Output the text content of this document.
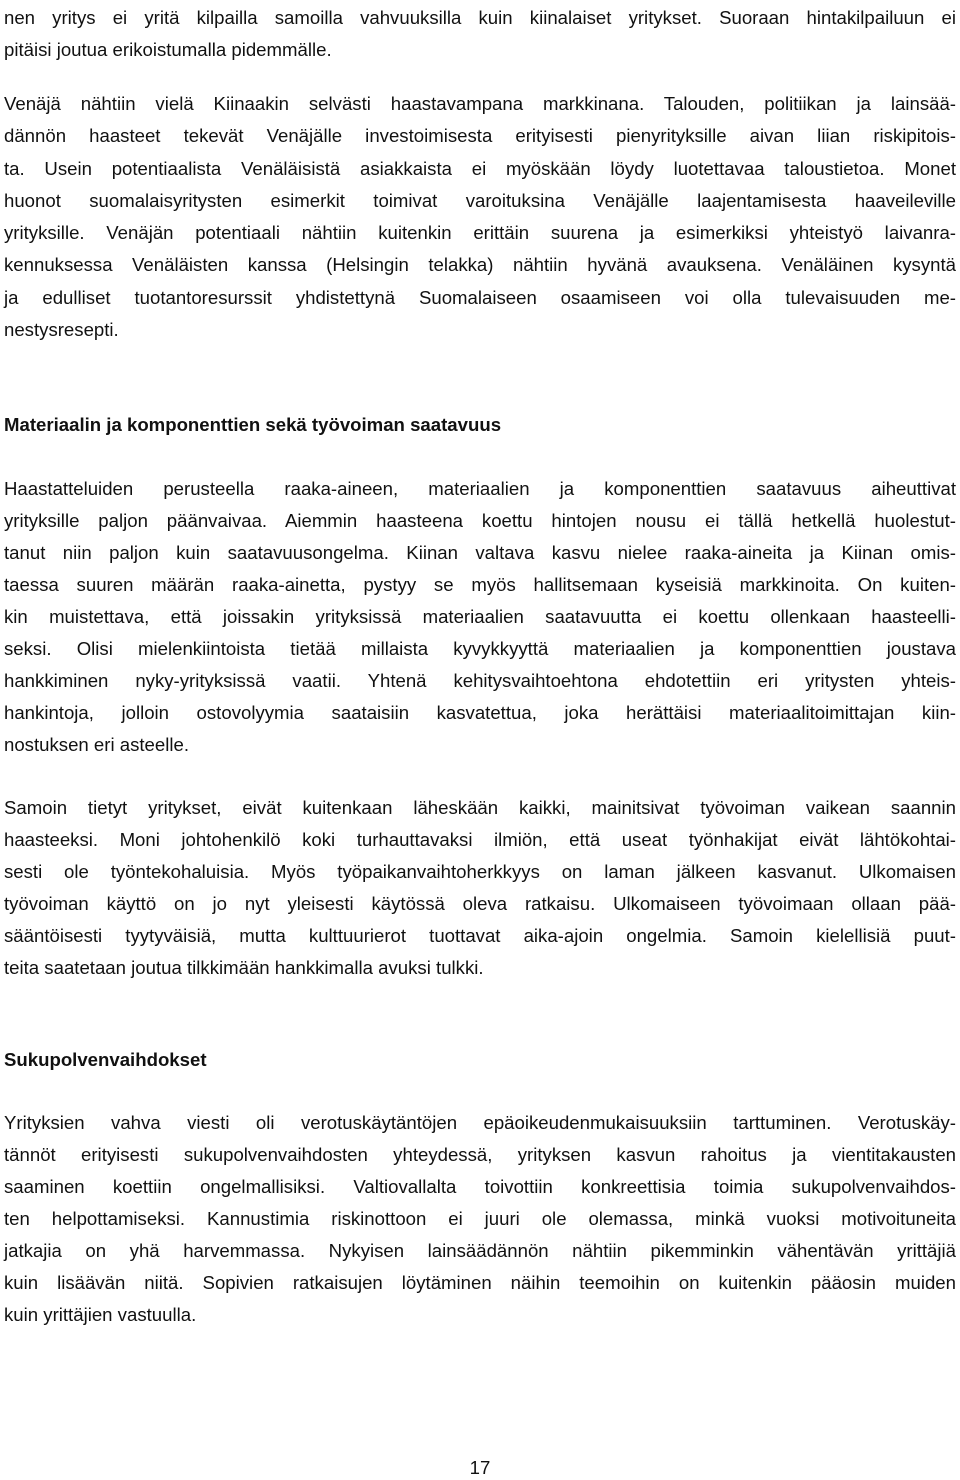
nen yritys ei yritä kilpailla samoilla vahvuuksilla kuin kiinalaiset yritykset. Suoraan hintakilpailuun ei
pitäisi joutua erikoistumalla pidemmälle.
Venäjä nähtiin vielä Kiinaakin selvästi haastavampana markkinana. Talouden, politiikan ja lainsää-
dännön haasteet tekevät Venäjälle investoimisesta erityisesti pienyrityksille aivan liian riskipitois-
ta. Usein potentiaalista Venäläisistä asiakkaista ei myöskään löydy luotettavaa taloustietoa. Monet
huonot suomalaisyritysten esimerkit toimivat varoituksina Venäjälle laajentamisesta haaveileville
yrityksille. Venäjän potentiaali nähtiin kuitenkin erittäin suurena ja esimerkiksi yhteistyö laivanra-
kennuksessa Venäläisten kanssa (Helsingin telakka) nähtiin hyvänä avauksena. Venäläinen kysyntä
ja edulliset tuotantoresurssit yhdistettynä Suomalaiseen osaamiseen voi olla tulevaisuuden me-
nestysresepti.
Materiaalin ja komponenttien sekä työvoiman saatavuus
Haastatteluiden perusteella raaka-aineen, materiaalien ja komponenttien saatavuus aiheuttivat
yrityksille paljon päänvaivaa. Aiemmin haasteena koettu hintojen nousu ei tällä hetkellä huolestut-
tanut niin paljon kuin saatavuusongelma. Kiinan valtava kasvu nielee raaka-aineita ja Kiinan omis-
taessa suuren määrän raaka-ainetta, pystyy se myös hallitsemaan kyseisiä markkinoita. On kuiten-
kin muistettava, että joissakin yrityksissä materiaalien saatavuutta ei koettu ollenkaan haasteelli-
seksi. Olisi mielenkiintoista tietää millaista kyvykkyyttä materiaalien ja komponenttien joustava
hankkiminen nyky-yrityksissä vaatii. Yhtenä kehitysvaihtoehtona ehdotettiin eri yritysten yhteis-
hankintoja, jolloin ostovolyymia saataisiin kasvatettua, joka herättäisi materiaalitoimittajan kiin-
nostuksen eri asteelle.
Samoin tietyt yritykset, eivät kuitenkaan läheskään kaikki, mainitsivat työvoiman vaikean saannin
haasteeksi. Moni johtohenkilö koki turhauttavaksi ilmiön, että useat työnhakijat eivät lähtökohtai-
sesti ole työntekohaluisia. Myös työpaikanvaihtoherkkyys on laman jälkeen kasvanut. Ulkomaisen
työvoiman käyttö on jo nyt yleisesti käytössä oleva ratkaisu. Ulkomaiseen työvoimaan ollaan pää-
sääntöisesti tyytyväisiä, mutta kulttuurierot tuottavat aika-ajoin ongelmia. Samoin kielellisiä puut-
teita saatetaan joutua tilkkimään hankkimalla avuksi tulkki.
Sukupolvenvaihdokset
Yrityksien vahva viesti oli verotuskäytäntöjen epäoikeudenmukaisuuksiin tarttuminen. Verotuskäy-
tännöt erityisesti sukupolvenvaihdosten yhteydessä, yrityksen kasvun rahoitus ja vientitakausten
saaminen koettiin ongelmallisiksi. Valtiovallalta toivottiin konkreettisia toimia sukupolvenvaihdos-
ten helpottamiseksi. Kannustimia riskinottoon ei juuri ole olemassa, minkä vuoksi motivoituneita
jatkajia on yhä harvemmassa. Nykyisen lainsäädännön nähtiin pikemminkin vähentävän yrittäjiä
kuin lisäävän niitä. Sopivien ratkaisujen löytäminen näihin teemoihin on kuitenkin pääosin muiden
kuin yrittäjien vastuulla.
17
